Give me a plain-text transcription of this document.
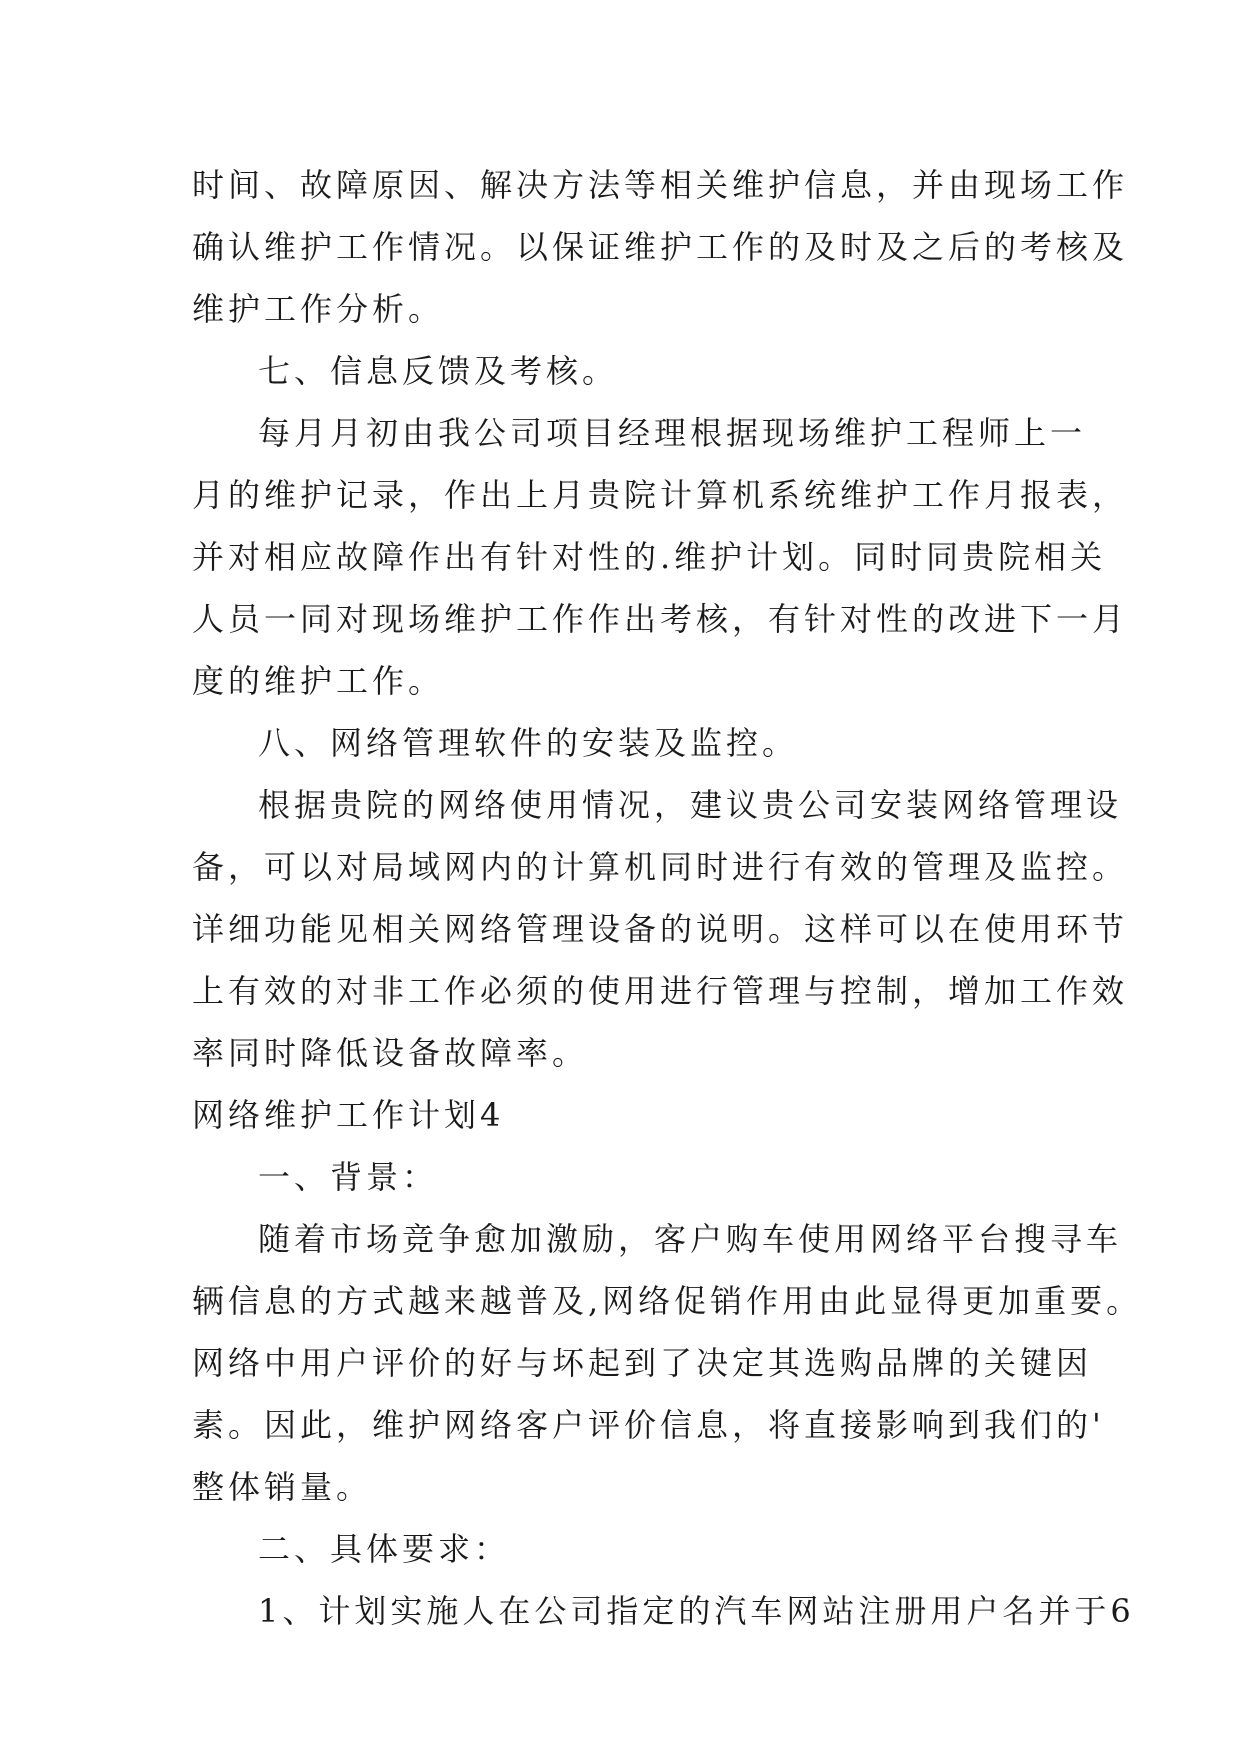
时间、故障原因、解决方法等相关维护信息，并由现场工作
确认维护工作情况。以保证维护工作的及时及之后的考核及
维护工作分析。
七、信息反馈及考核。
每月月初由我公司项目经理根据现场维护工程师上一
月的维护记录，作出上月贵院计算机系统维护工作月报表，
并对相应故障作出有针对性的.维护计划。同时同贵院相关
人员一同对现场维护工作作出考核，有针对性的改进下一月
度的维护工作。
八、网络管理软件的安装及监控。
根据贵院的网络使用情况，建议贵公司安装网络管理设
备，可以对局域网内的计算机同时进行有效的管理及监控。
详细功能见相关网络管理设备的说明。这样可以在使用环节
上有效的对非工作必须的使用进行管理与控制，增加工作效
率同时降低设备故障率。
网络维护工作计划4
一、背景：
随着市场竞争愈加激励，客户购车使用网络平台搜寻车
辆信息的方式越来越普及,网络促销作用由此显得更加重要。
网络中用户评价的好与坏起到了决定其选购品牌的关键因
素。因此，维护网络客户评价信息，将直接影响到我们的'
整体销量。
二、具体要求：
1、计划实施人在公司指定的汽车网站注册用户名并于6
